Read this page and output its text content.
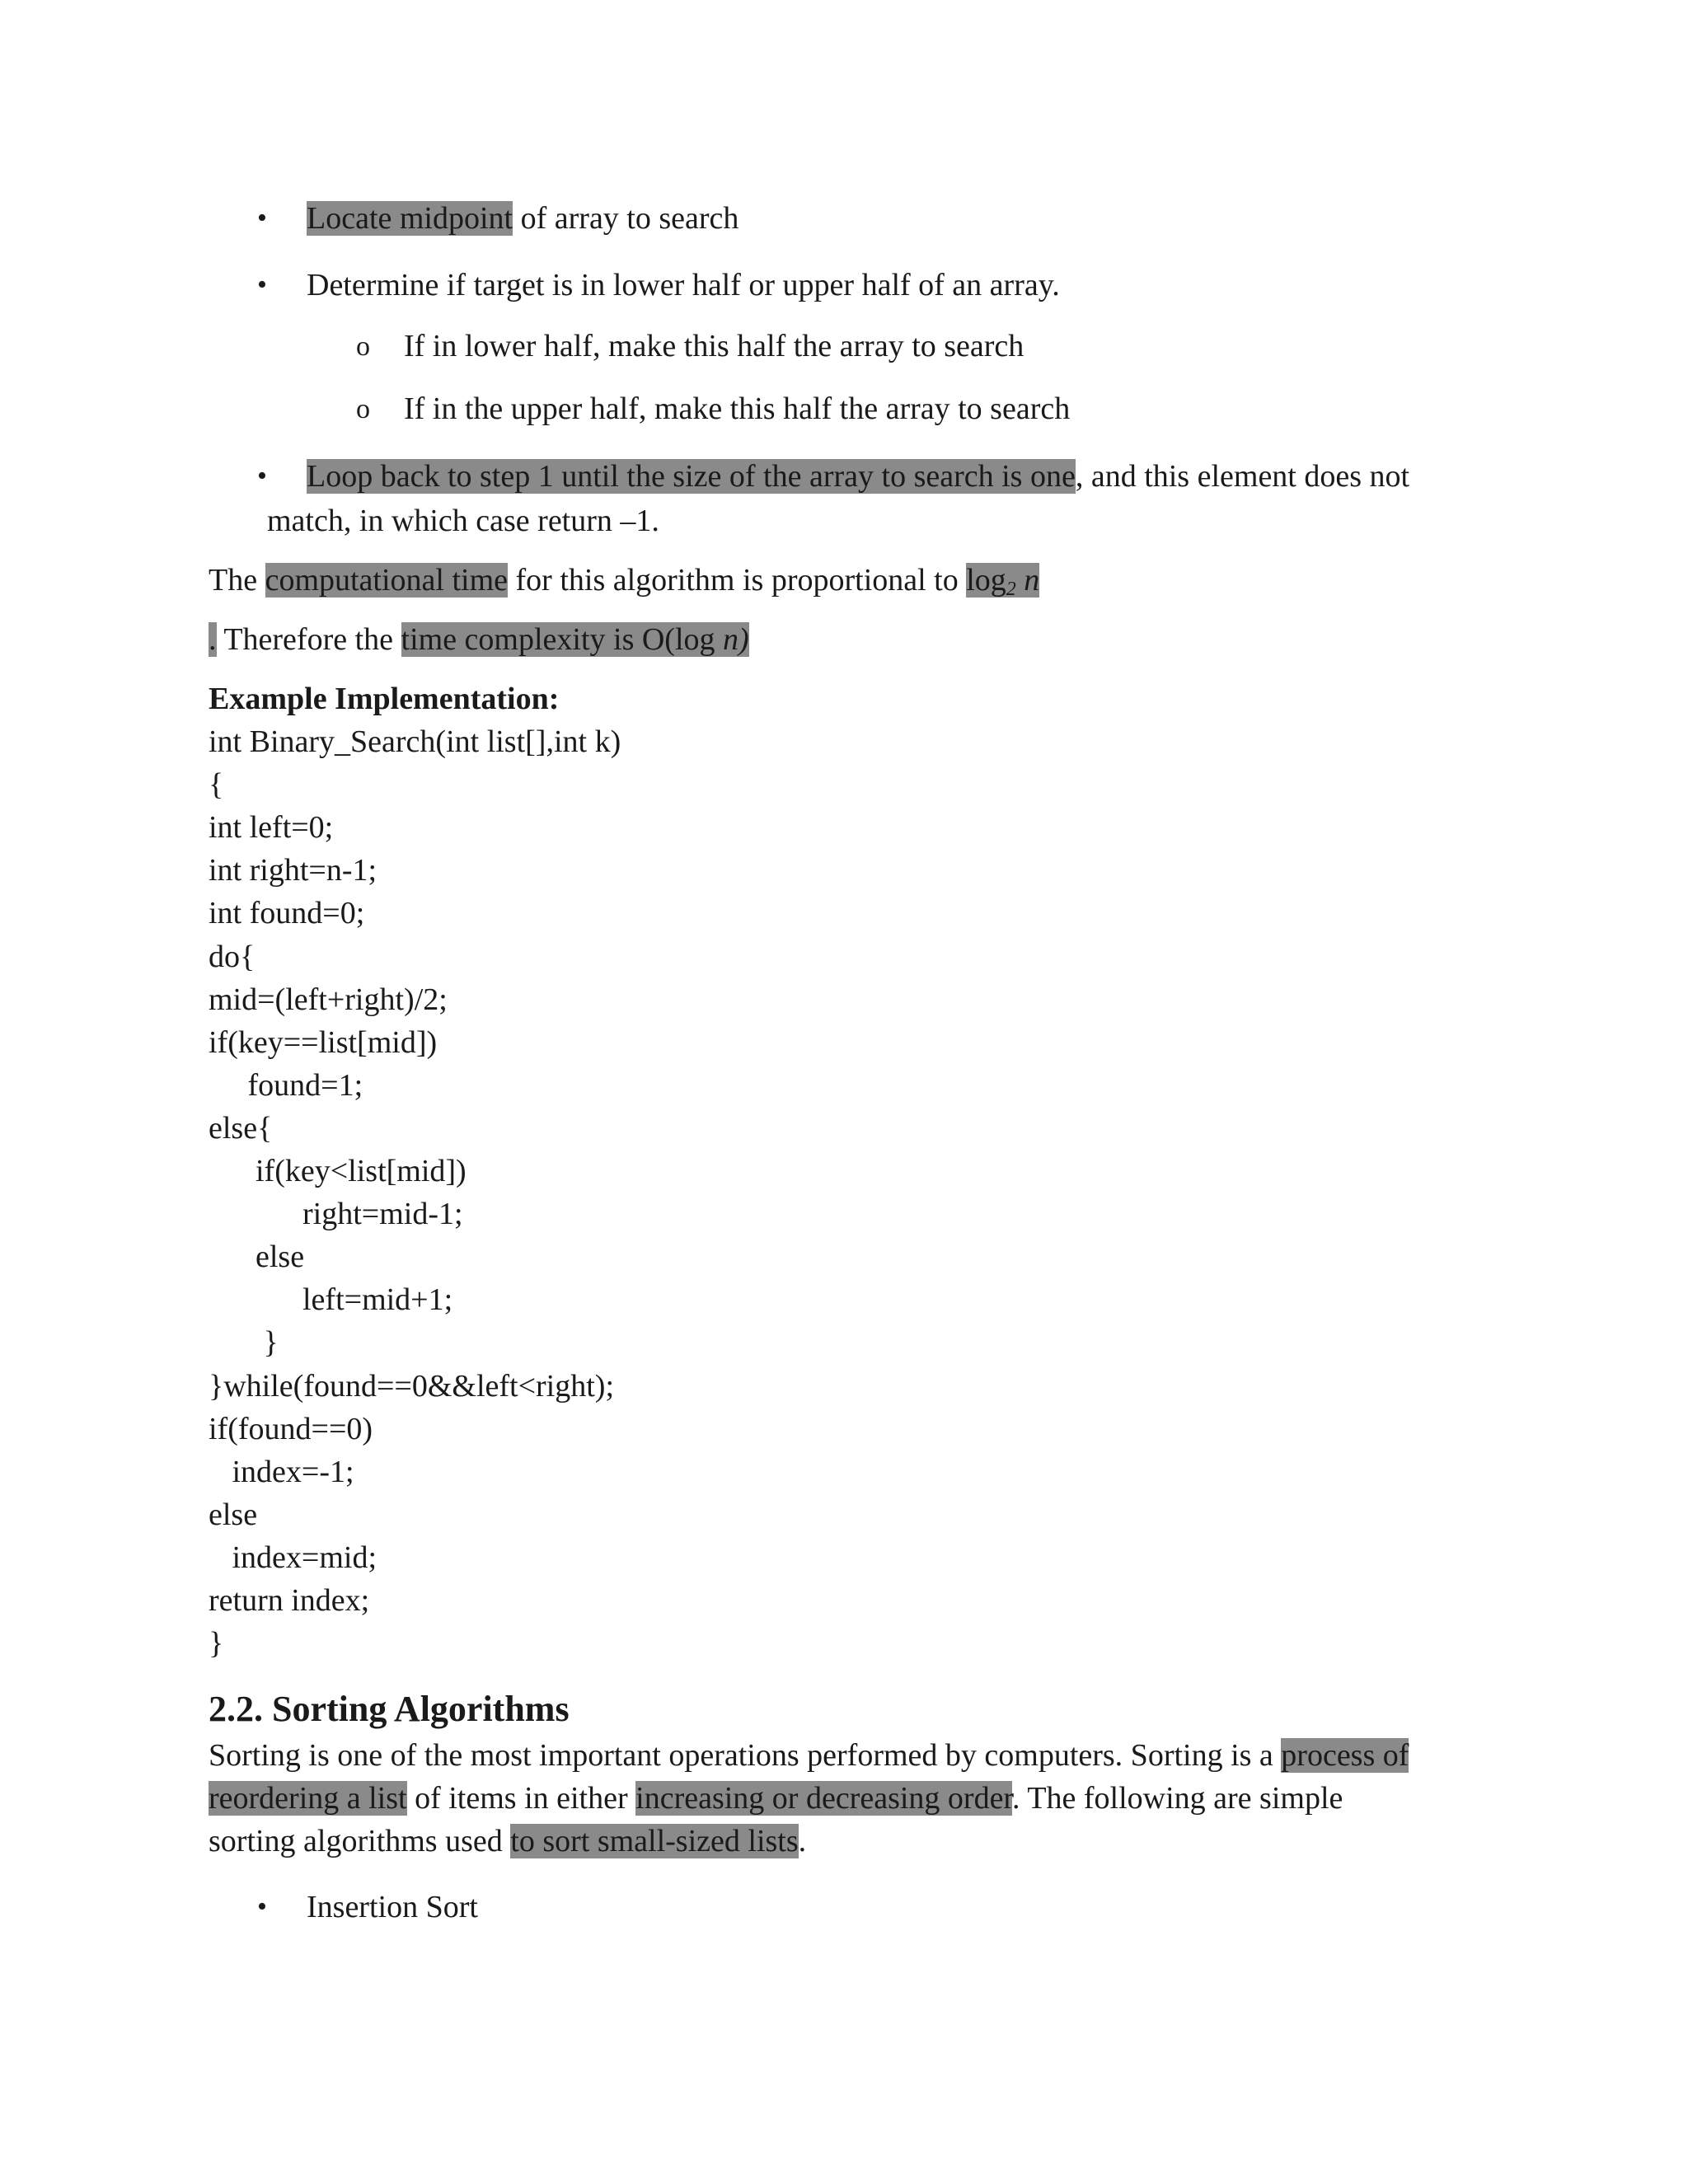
• Locate midpoint of array to search
• Determine if target is in lower half or upper half of an array.
o If in lower half, make this half the array to search
o If in the upper half, make this half the array to search
• Loop back to step 1 until the size of the array to search is one, and this element does not
match, in which case return –1.
The computational time for this algorithm is proportional to $\log_2 n$
. Therefore the time complexity is O(log n)
Example Implementation:
int Binary_Search(int list[],int k)
{
int left=0;
int right=n-1;
int found=0;
do{
mid=(left+right)/2;
if(key==list[mid])
found=1;
else{
if(key<list[mid])
right=mid-1;
else
left=mid+1;
}
}while(found==0&&left<right);
if(found==0)
index=-1;
else
index=mid;
return index;
}
2.2. Sorting Algorithms
Sorting is one of the most important operations performed by computers. Sorting is a process of
reordering a list of items in either increasing or decreasing order. The following are simple
sorting algorithms used to sort small-sized lists.
• Insertion Sort
